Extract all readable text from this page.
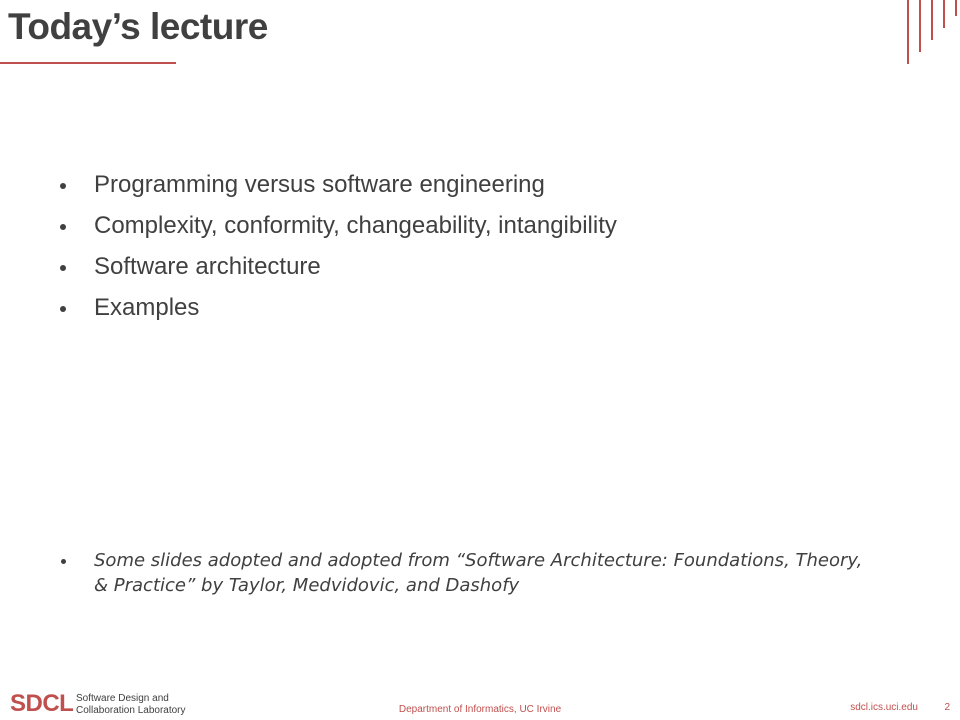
Today’s lecture
Programming versus software engineering
Complexity, conformity, changeability, intangibility
Software architecture
Examples
Some slides adopted and adopted from “Software Architecture: Foundations, Theory, & Practice” by Taylor, Medvidovic, and Dashofy
SDCL Software Design and
Collaboration Laboratory	Department of Informatics, UC Irvine	sdcl.ics.uci.edu	2
